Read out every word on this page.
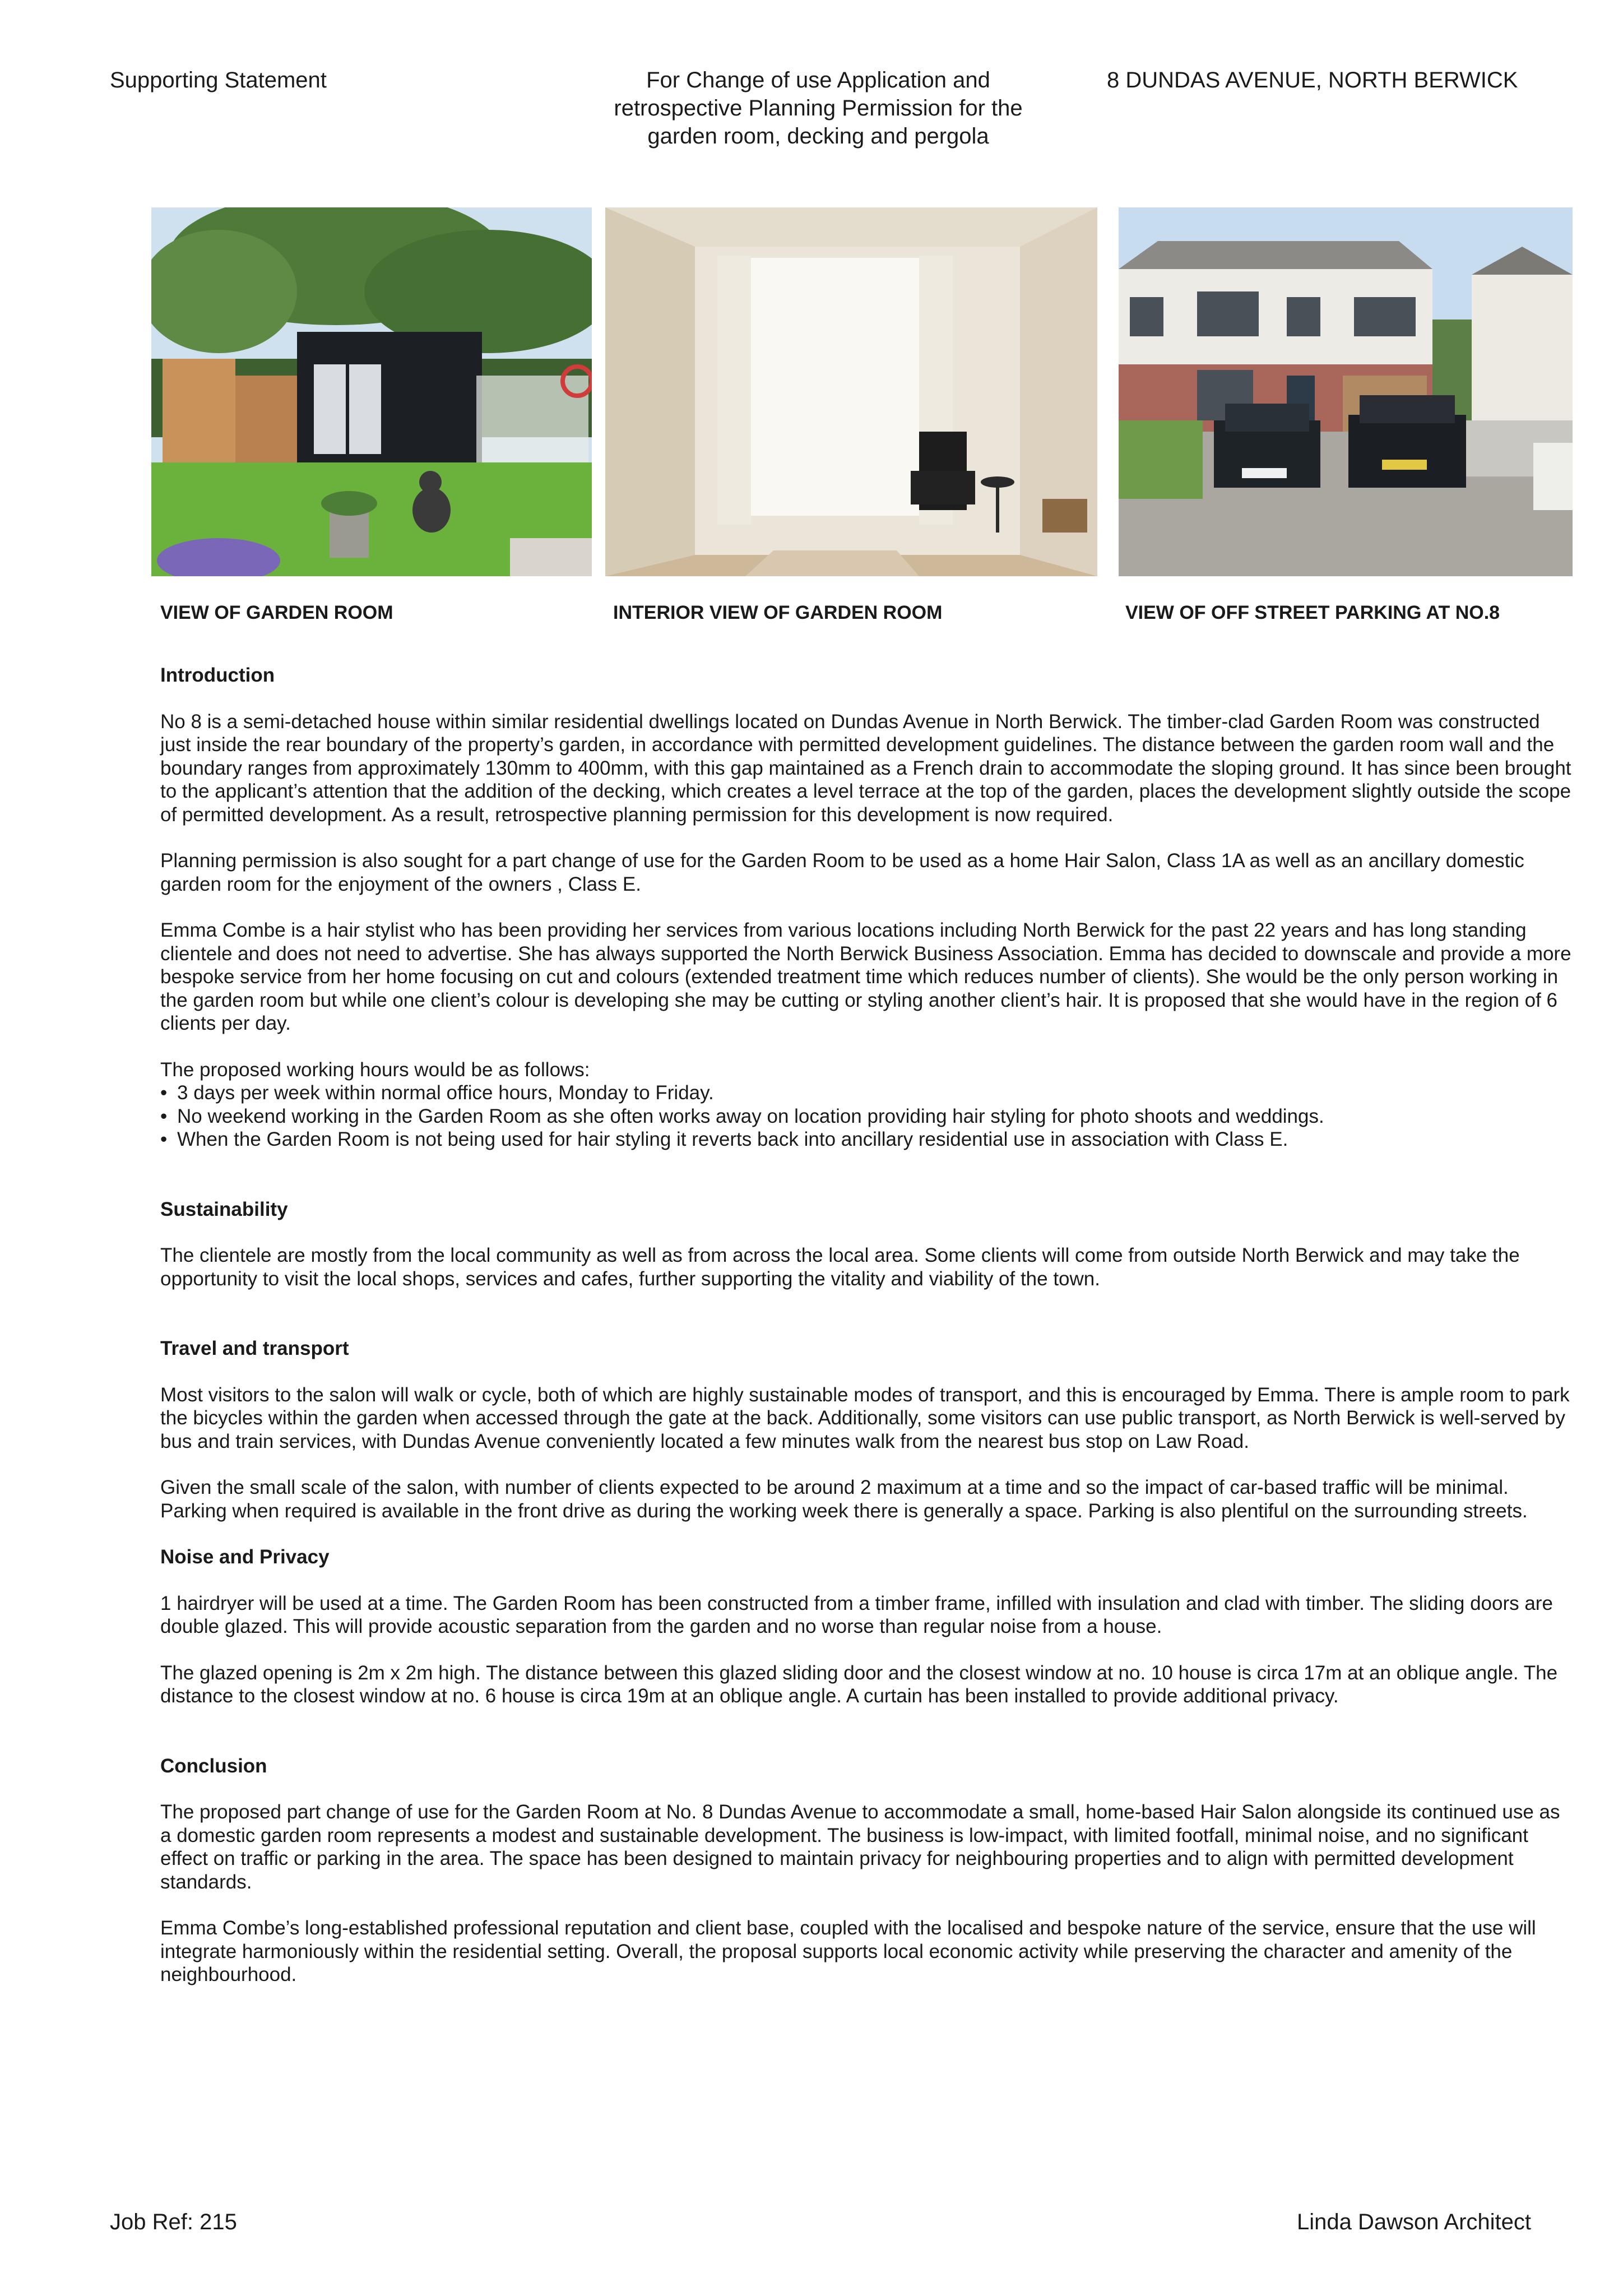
Supporting Statement	For Change of use Application and
retrospective Planning Permission for the
garden room, decking and pergola
8 DUNDAS AVENUE, NORTH BERWICK
VIEW OF GARDEN ROOM	INTERIOR VIEW OF GARDEN ROOM	VIEW OF OFF STREET PARKING AT NO.8

Introduction

No 8 is a semi-detached house within similar residential dwellings located on Dundas Avenue in North Berwick. The timber-clad Garden Room was constructed just inside the rear boundary of the property’s garden, in accordance with permitted development guidelines. The distance between the garden room wall and the boundary ranges from approximately 130mm to 400mm, with this gap maintained as a French drain to accommodate the sloping ground. It has since been brought to the applicant’s attention that the addition of the decking, which creates a level terrace at the top of the garden, places the development slightly outside the scope of permitted development. As a result, retrospective planning permission for this development is now required.

Planning permission is also sought for a part change of use for the Garden Room to be used as a home Hair Salon, Class 1A as well as an ancillary domestic garden room for the enjoyment of the owners , Class E.

Emma Combe is a hair stylist who has been providing her services from various locations including North Berwick for the past 22 years and has long standing clientele and does not need to advertise. She has always supported the North Berwick Business Association. Emma has decided to downscale and provide a more bespoke service from her home focusing on cut and colours (extended treatment time which reduces number of clients). She would be the only person working in the garden room but while one client’s colour is developing she may be cutting or styling another client’s hair. It is proposed that she would have in the region of 6 clients per day.

The proposed working hours would be as follows:

• 3 days per week within normal office hours, Monday to Friday.
• No weekend working in the Garden Room as she often works away on location providing hair styling for photo shoots and weddings.
• When the Garden Room is not being used for hair styling it reverts back into ancillary residential use in association with Class E.

Sustainability

The clientele are mostly from the local community as well as from across the local area. Some clients will come from outside North Berwick and may take the opportunity to visit the local shops, services and cafes, further supporting the vitality and viability of the town.

Travel and transport

Most visitors to the salon will walk or cycle, both of which are highly sustainable modes of transport, and this is encouraged by Emma. There is ample room to park the bicycles within the garden when accessed through the gate at the back. Additionally, some visitors can use public transport, as North Berwick is well-served by bus and train services, with Dundas Avenue conveniently located a few minutes walk from the nearest bus stop on Law Road.

Given the small scale of the salon, with number of clients expected to be around 2 maximum at a time and so the impact of car-based traffic will be minimal. Parking when required is available in the front drive as during the working week there is generally a space. Parking is also plentiful on the surrounding streets.

Noise and Privacy

1 hairdryer will be used at a time. The Garden Room has been constructed from a timber frame, infilled with insulation and clad with timber. The sliding doors are double glazed. This will provide acoustic separation from the garden and no worse than regular noise from a house.

The glazed opening is 2m x 2m high. The distance between this glazed sliding door and the closest window at no. 10 house is circa 17m at an oblique angle. The distance to the closest window at no. 6 house is circa 19m at an oblique angle. A curtain has been installed to provide additional privacy.

Conclusion

The proposed part change of use for the Garden Room at No. 8 Dundas Avenue to accommodate a small, home-based Hair Salon alongside its continued use as a domestic garden room represents a modest and sustainable development. The business is low-impact, with limited footfall, minimal noise, and no significant effect on traffic or parking in the area. The space has been designed to maintain privacy for neighbouring properties and to align with permitted development standards.

Emma Combe’s long-established professional reputation and client base, coupled with the localised and bespoke nature of the service, ensure that the use will integrate harmoniously within the residential setting. Overall, the proposal supports local economic activity while preserving the character and amenity of the neighbourhood.

Job Ref: 215	Linda Dawson Architect
